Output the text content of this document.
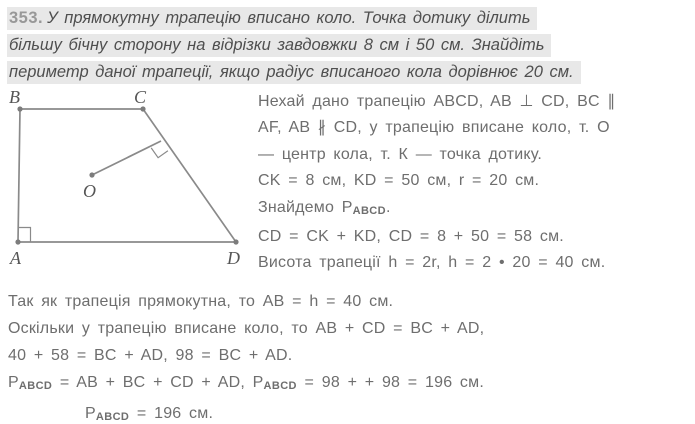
353. У прямокутну трапецію вписано коло. Точка дотику ділить
більшу бічну сторону на відрізки завдовжки 8 см і 50 см. Знайдіть
периметр даної трапеції, якщо радіус вписаного кола дорівнює 20 см.
B	C
A	D
O
Нехай дано трапецію ABCD, AB ⊥ CD, BC ∥
AF, AB ∦ CD, у трапецію вписане коло, т. O
— центр кола, т. К — точка дотику.
CK = 8 см, KD = 50 см, r = 20 см.
Знайдемо PABCD.
CD = CK + KD, CD = 8 + 50 = 58 см.
Висота трапеції h = 2r, h = 2 • 20 = 40 см.
Так як трапеція прямокутна, то AB = h = 40 см.
Оскільки у трапецію вписане коло, то AB + CD = BC + AD,
40 + 58 = BC + AD, 98 = BC + AD.
PABCD = AB + BC + CD + AD, PABCD = 98 + + 98 = 196 см.
PABCD = 196 см.
